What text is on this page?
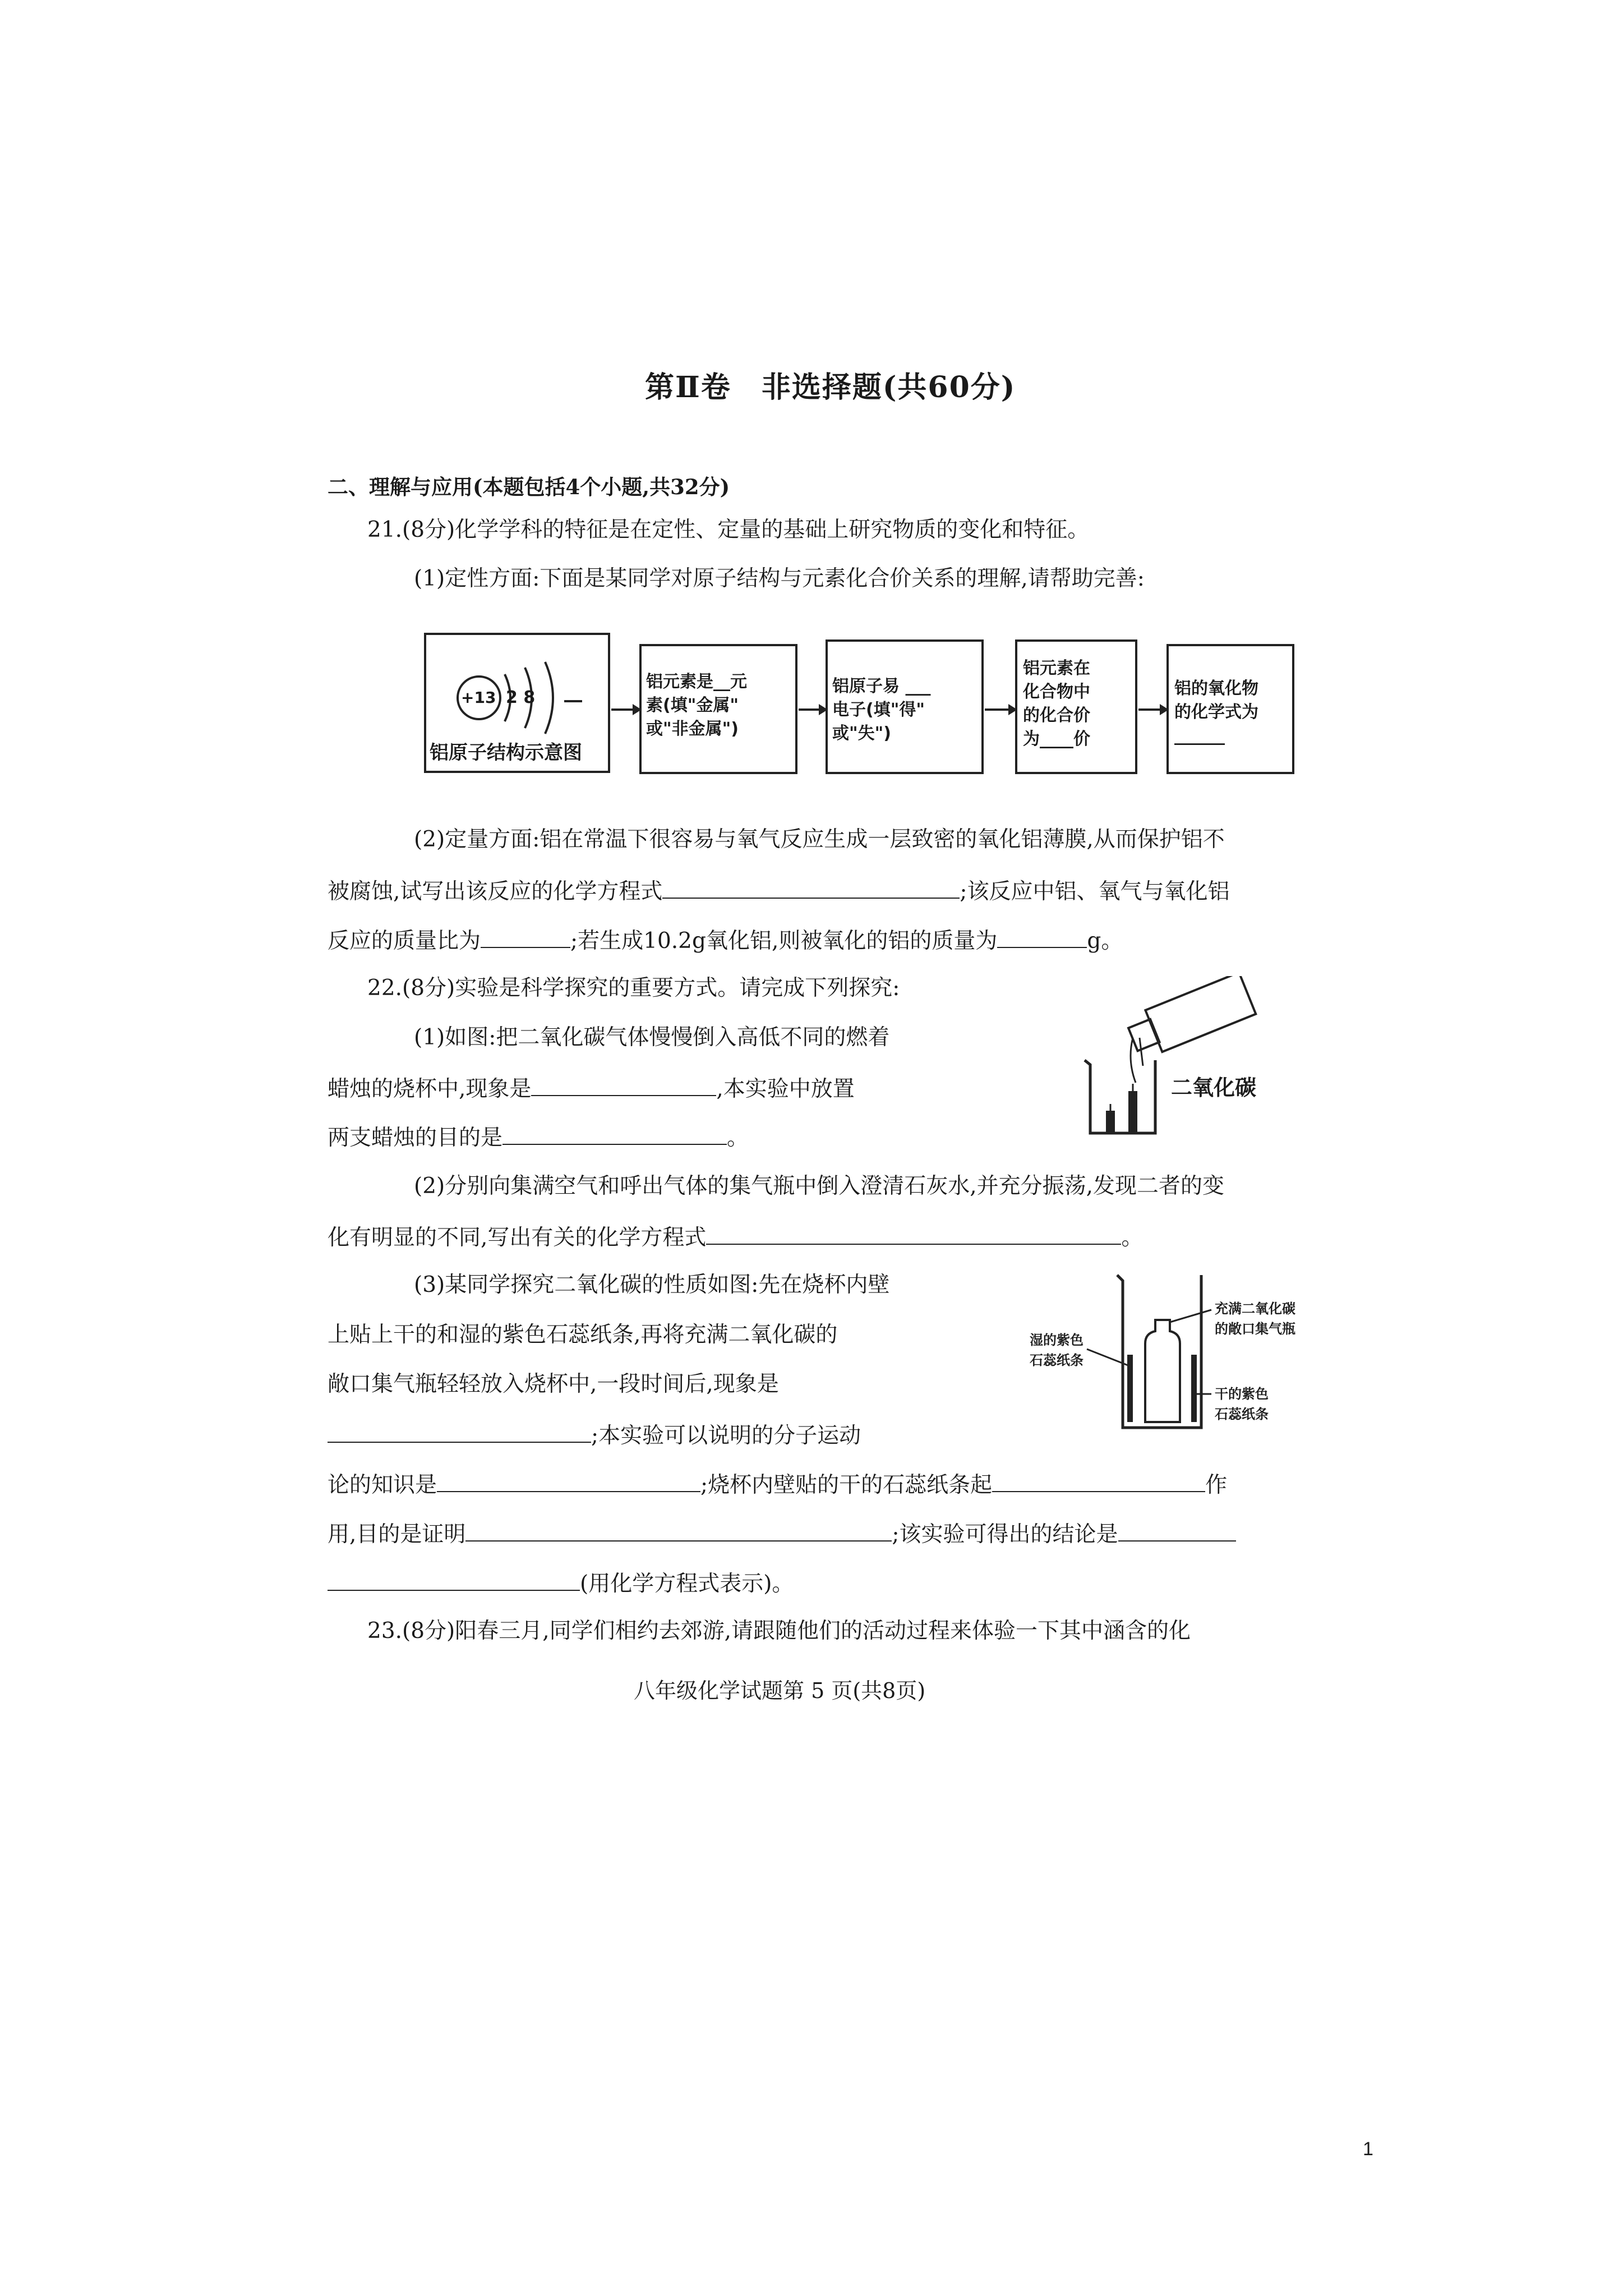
第Ⅱ卷　非选择题(共60分)
二、理解与应用(本题包括4个小题,共32分)
21.(8分)化学学科的特征是在定性、定量的基础上研究物质的变化和特征。
(1)定性方面:下面是某同学对原子结构与元素化合价关系的理解,请帮助完善:
+13 2 8
铝原子结构示意图
铝元素是__元
素(填"金属"
或"非金属")
铝原子易 ___
电子(填"得"
或"失")
铝元素在
化合物中
的化合价
为____价
铝的氧化物
的化学式为
______
(2)定量方面:铝在常温下很容易与氧气反应生成一层致密的氧化铝薄膜,从而保护铝不
被腐蚀,试写出该反应的化学方程式	;该反应中铝、氧气与氧化铝
反应的质量比为	;若生成10.2g氧化铝,则被氧化的铝的质量为	g。
22.(8分)实验是科学探究的重要方式。请完成下列探究:
(1)如图:把二氧化碳气体慢慢倒入高低不同的燃着
蜡烛的烧杯中,现象是	,本实验中放置
两支蜡烛的目的是	。
二氧化碳
(2)分别向集满空气和呼出气体的集气瓶中倒入澄清石灰水,并充分振荡,发现二者的变
化有明显的不同,写出有关的化学方程式	。
(3)某同学探究二氧化碳的性质如图:先在烧杯内壁
上贴上干的和湿的紫色石蕊纸条,再将充满二氧化碳的
敞口集气瓶轻轻放入烧杯中,一段时间后,现象是
;本实验可以说明的分子运动
论的知识是	;烧杯内壁贴的干的石蕊纸条起	作
用,目的是证明	;该实验可得出的结论是
(用化学方程式表示)。
湿的紫色
石蕊纸条
充满二氧化碳
的敞口集气瓶
干的紫色
石蕊纸条
23.(8分)阳春三月,同学们相约去郊游,请跟随他们的活动过程来体验一下其中涵含的化
八年级化学试题第 5 页(共8页)
1
